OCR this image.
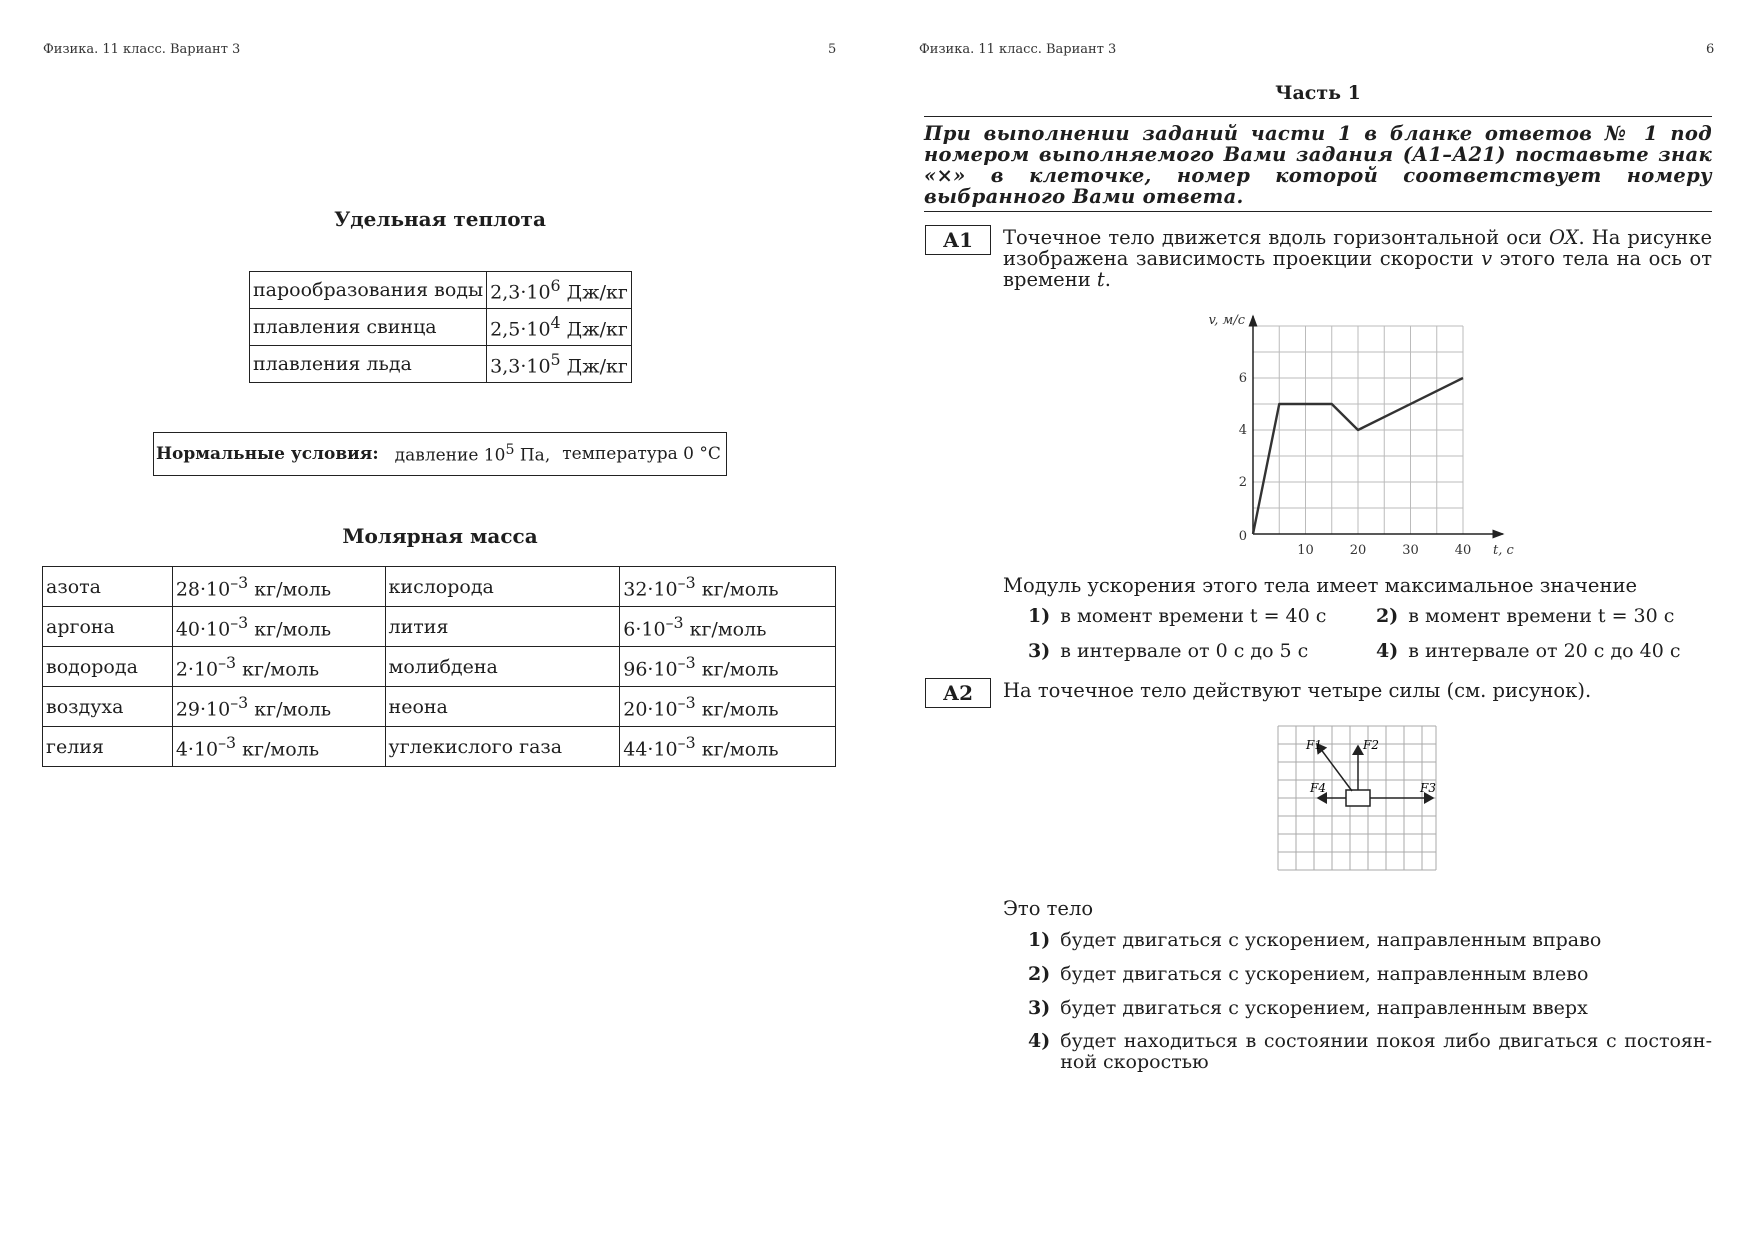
Физика. 11 класс. Вариант 3	5
Удельная теплота
парообразования воды	$2,3\cdot 10^6$ Дж/кг
плавления свинца	$2,5\cdot 10^4$ Дж/кг
плавления льда	$3,3\cdot 10^5$ Дж/кг
Нормальные условия: давление $10^5$ Па, температура 0 °C
Молярная масса
азота	$28\cdot 10^{-3}$ кг/моль	кислорода	$32\cdot 10^{-3}$ кг/моль
аргона	$40\cdot 10^{-3}$ кг/моль	лития	$6\cdot 10^{-3}$ кг/моль
водорода	$2\cdot 10^{-3}$ кг/моль	молибдена	$96\cdot 10^{-3}$ кг/моль
воздуха	$29\cdot 10^{-3}$ кг/моль	неона	$20\cdot 10^{-3}$ кг/моль
гелия	$4\cdot 10^{-3}$ кг/моль	углекислого газа	$44\cdot 10^{-3}$ кг/моль
Физика. 11 класс. Вариант 3	6
Часть 1
При выполнении заданий части 1 в бланке ответов № 1 под номером выполняемого Вами задания (А1–А21) поставьте знак «×» в клеточке, номер которой соответствует номеру выбранного Вами ответа.
А1	Точечное тело движется вдоль горизонтальной оси OX. На рисунке изображена зависимость проекции скорости v этого тела на ось от времени t.
10	20	30	40
0
2
4
6
t, с
v, м/с
Модуль ускорения этого тела имеет максимальное значение
1) в момент времени t = 40 с	2) в момент времени t = 30 с
3) в интервале от 0 с до 5 с	4) в интервале от 20 с до 40 с
А2	На точечное тело действуют четыре силы (см. рисунок).
F1	F2
F3
F4
Это тело
1) будет двигаться с ускорением, направленным вправо
2) будет двигаться с ускорением, направленным влево
3) будет двигаться с ускорением, направленным вверх
4) будет находиться в состоянии покоя либо двигаться с постоян-
ной скоростью
